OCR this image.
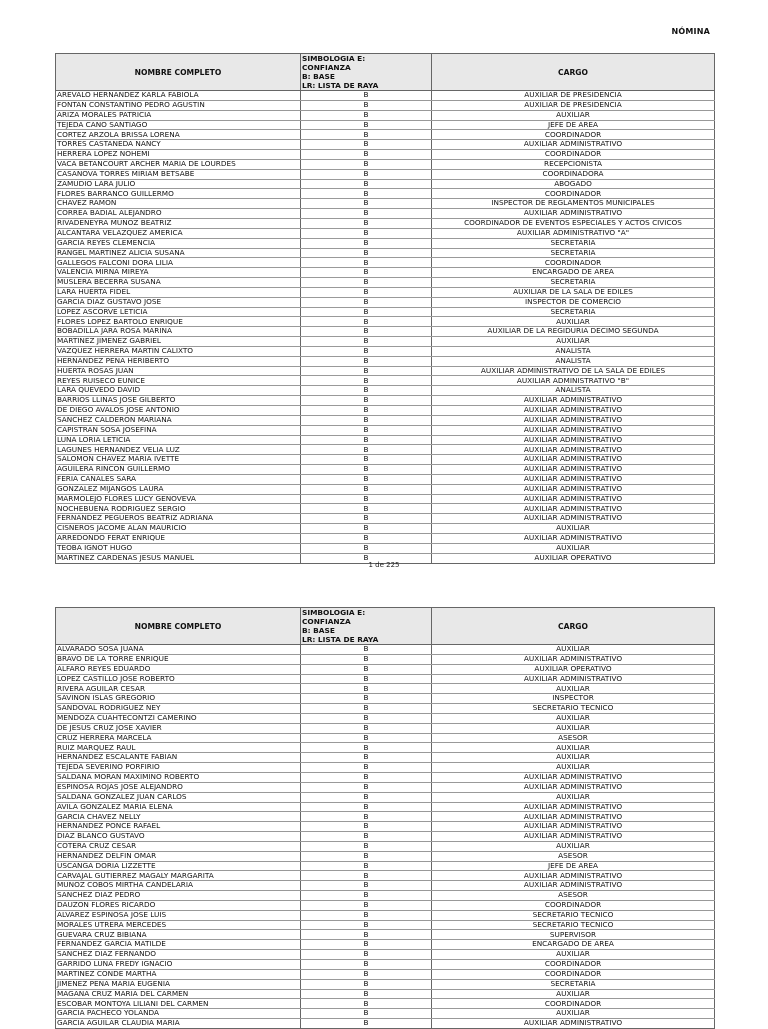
NÓMINA
NOMBRE COMPLETO	SIMBOLOGIA E:
CONFIANZA
B: BASE
LR: LISTA DE RAYA	CARGO
AREVALO HERNANDEZ KARLA FABIOLA	B	AUXILIAR DE PRESIDENCIA
FONTAN CONSTANTINO PEDRO AGUSTIN	B	AUXILIAR DE PRESIDENCIA
ARIZA MORALES PATRICIA	B	AUXILIAR
TEJEDA CANO SANTIAGO	B	JEFE DE AREA
CORTEZ ARZOLA BRISSA LORENA	B	COORDINADOR
TORRES CASTAÑEDA NANCY	B	AUXILIAR ADMINISTRATIVO
HERRERA LOPEZ NOHEMI	B	COORDINADOR
VACA BETANCOURT ARCHER MARIA DE LOURDES	B	RECEPCIONISTA
CASANOVA TORRES MIRIAM BETSABE	B	COORDINADORA
ZAMUDIO LARA JULIO	B	ABOGADO
FLORES BARRANCO GUILLERMO	B	COORDINADOR
CHAVEZ RAMON	B	INSPECTOR DE REGLAMENTOS MUNICIPALES
CORREA BADIAL ALEJANDRO	B	AUXILIAR ADMINISTRATIVO
RIVADENEYRA MUÑOZ BEATRIZ	B	COORDINADOR DE EVENTOS ESPECIALES Y ACTOS CIVICOS
ALCANTARA VELAZQUEZ AMERICA	B	AUXILIAR ADMINISTRATIVO "A"
GARCIA REYES CLEMENCIA	B	SECRETARIA
RANGEL MARTINEZ ALICIA SUSANA	B	SECRETARIA
GALLEGOS FALCONI DORA LILIA	B	COORDINADOR
VALENCIA MIRNA MIREYA	B	ENCARGADO DE AREA
MUSLERA BECERRA SUSANA	B	SECRETARIA
LARA HUERTA FIDEL	B	AUXILIAR DE LA SALA DE EDILES
GARCIA DIAZ GUSTAVO JOSE	B	INSPECTOR DE COMERCIO
LOPEZ ASCORVE LETICIA	B	SECRETARIA
FLORES LOPEZ BARTOLO ENRIQUE	B	AUXILIAR
BOBADILLA JARA ROSA MARINA	B	AUXILIAR DE LA REGIDURIA DECIMO SEGUNDA
MARTINEZ JIMENEZ GABRIEL	B	AUXILIAR
VAZQUEZ HERRERA MARTIN CALIXTO	B	ANALISTA
HERNANDEZ PEÑA HERIBERTO	B	ANALISTA
HUERTA ROSAS JUAN	B	AUXILIAR ADMINISTRATIVO DE LA SALA DE EDILES
REYES RUISECO EUNICE	B	AUXILIAR ADMINISTRATIVO "B"
LARA QUEVEDO DAVID	B	ANALISTA
BARRIOS LLINAS JOSE GILBERTO	B	AUXILIAR ADMINISTRATIVO
DE DIEGO AVALOS JOSE ANTONIO	B	AUXILIAR ADMINISTRATIVO
SANCHEZ CALDERON MARIANA	B	AUXILIAR ADMINISTRATIVO
CAPISTRAN SOSA JOSEFINA	B	AUXILIAR ADMINISTRATIVO
LUNA LORIA LETICIA	B	AUXILIAR ADMINISTRATIVO
LAGUNES HERNANDEZ VELIA LUZ	B	AUXILIAR ADMINISTRATIVO
SALOMON CHAVEZ MARIA IVETTE	B	AUXILIAR ADMINISTRATIVO
AGUILERA RINCON GUILLERMO	B	AUXILIAR ADMINISTRATIVO
FERIA CANALES SARA	B	AUXILIAR ADMINISTRATIVO
GONZALEZ MIJANGOS LAURA	B	AUXILIAR ADMINISTRATIVO
MARMOLEJO FLORES LUCY GENOVEVA	B	AUXILIAR ADMINISTRATIVO
NOCHEBUENA RODRIGUEZ SERGIO	B	AUXILIAR ADMINISTRATIVO
FERNANDEZ PEGUEROS BEATRIZ ADRIANA	B	AUXILIAR ADMINISTRATIVO
CISNEROS JACOME ALAN MAURICIO	B	AUXILIAR
ARREDONDO FERAT ENRIQUE	B	AUXILIAR ADMINISTRATIVO
TEOBA IGNOT HUGO	B	AUXILIAR
MARTINEZ CARDENAS JESUS MANUEL	B	AUXILIAR OPERATIVO
1 de 225
NOMBRE COMPLETO	SIMBOLOGIA E:
CONFIANZA
B: BASE
LR: LISTA DE RAYA	CARGO
ALVARADO SOSA JUANA	B	AUXILIAR
BRAVO DE LA TORRE ENRIQUE	B	AUXILIAR ADMINISTRATIVO
ALFARO REYES EDUARDO	B	AUXILIAR OPERATIVO
LOPEZ CASTILLO JOSE ROBERTO	B	AUXILIAR ADMINISTRATIVO
RIVERA AGUILAR CESAR	B	AUXILIAR
SAVIÑON ISLAS GREGORIO	B	INSPECTOR
SANDOVAL RODRIGUEZ NEY	B	SECRETARIO TECNICO
MENDOZA CUAHTECONTZI CAMERINO	B	AUXILIAR
DE JESUS CRUZ JOSE XAVIER	B	AUXILIAR
CRUZ HERRERA MARCELA	B	ASESOR
RUIZ MARQUEZ RAUL	B	AUXILIAR
HERNANDEZ ESCALANTE FABIAN	B	AUXILIAR
TEJEDA SEVERINO PORFIRIO	B	AUXILIAR
SALDAÑA MORAN MAXIMINO ROBERTO	B	AUXILIAR ADMINISTRATIVO
ESPINOSA ROJAS JOSE ALEJANDRO	B	AUXILIAR ADMINISTRATIVO
SALDAÑA GONZALEZ JUAN CARLOS	B	AUXILIAR
AVILA GONZALEZ MARIA ELENA	B	AUXILIAR ADMINISTRATIVO
GARCIA CHAVEZ NELLY	B	AUXILIAR ADMINISTRATIVO
HERNANDEZ PONCE RAFAEL	B	AUXILIAR ADMINISTRATIVO
DIAZ BLANCO GUSTAVO	B	AUXILIAR ADMINISTRATIVO
COTERA CRUZ CESAR	B	AUXILIAR
HERNANDEZ DELFIN OMAR	B	ASESOR
USCANGA DORIA LIZZETTE	B	JEFE DE AREA
CARVAJAL GUTIERREZ MAGALY MARGARITA	B	AUXILIAR ADMINISTRATIVO
MUÑOZ COBOS MIRTHA CANDELARIA	B	AUXILIAR ADMINISTRATIVO
SANCHEZ DIAZ PEDRO	B	ASESOR
DAUZON FLORES RICARDO	B	COORDINADOR
ALVAREZ ESPINOSA JOSE LUIS	B	SECRETARIO TECNICO
MORALES UTRERA MERCEDES	B	SECRETARIO TECNICO
GUEVARA CRUZ BIBIANA	B	SUPERVISOR
FERNANDEZ GARCIA MATILDE	B	ENCARGADO DE AREA
SANCHEZ DIAZ FERNANDO	B	AUXILIAR
GARRIDO LUNA FREDY IGNACIO	B	COORDINADOR
MARTINEZ CONDE MARTHA	B	COORDINADOR
JIMENEZ PEÑA MARIA EUGENIA	B	SECRETARIA
MAGAÑA CRUZ MARIA DEL CARMEN	B	AUXILIAR
ESCOBAR MONTOYA LILIANI DEL CARMEN	B	COORDINADOR
GARCIA PACHECO YOLANDA	B	AUXILIAR
GARCIA AGUILAR CLAUDIA MARIA	B	AUXILIAR ADMINISTRATIVO
